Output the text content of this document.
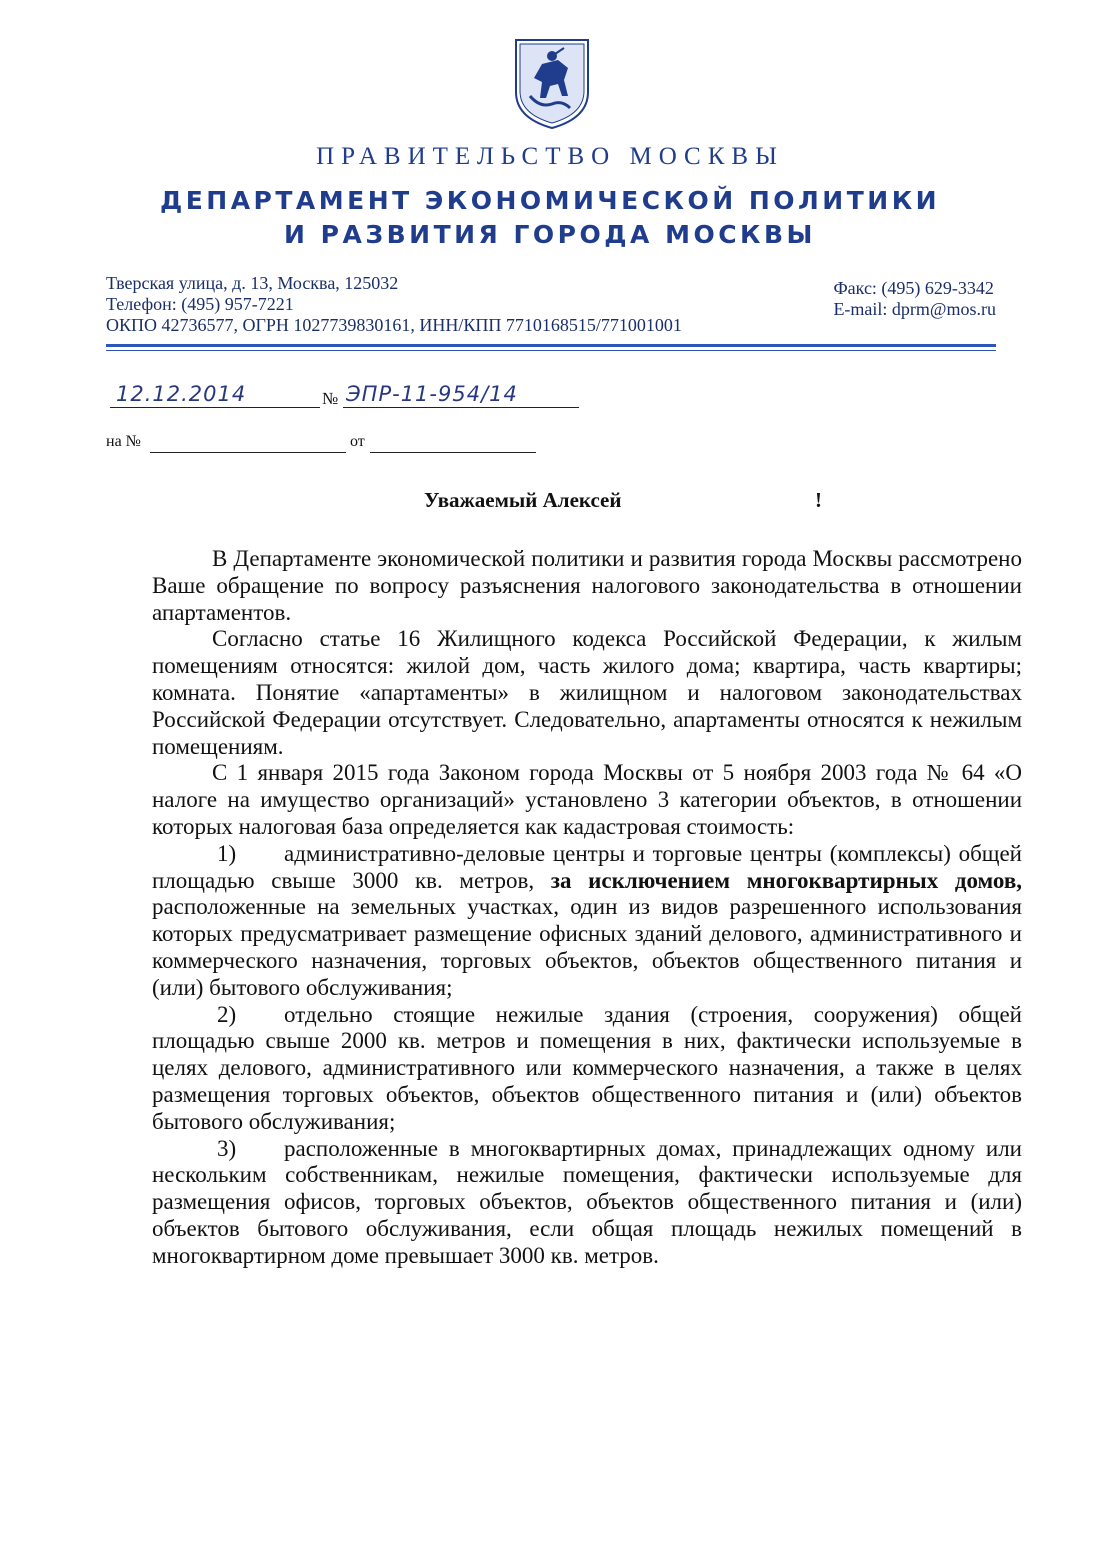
ПРАВИТЕЛЬСТВО МОСКВЫ
ДЕПАРТАМЕНТ ЭКОНОМИЧЕСКОЙ ПОЛИТИКИ
И РАЗВИТИЯ ГОРОДА МОСКВЫ
Тверская улица, д. 13, Москва, 125032
Телефон: (495) 957-7221
ОКПО 42736577, ОГРН 1027739830161, ИНН/КПП 7710168515/771001001
Факс: (495) 629-3342
E-mail: dprm@mos.ru
12.12.2014	№ ЭПР-11-954/14
на №	от
Уважаемый Алексей	!

В Департаменте экономической политики и развития города Москвы рассмотрено Ваше обращение по вопросу разъяснения налогового законодательства в отношении апартаментов.

Согласно статье 16 Жилищного кодекса Российской Федерации, к жилым помещениям относятся: жилой дом, часть жилого дома; квартира, часть квартиры; комната. Понятие «апартаменты» в жилищном и налоговом законодательствах Российской Федерации отсутствует. Следовательно, апартаменты относятся к нежилым помещениям.

С 1 января 2015 года Законом города Москвы от 5 ноября 2003 года № 64 «О налоге на имущество организаций» установлено 3 категории объектов, в отношении которых налоговая база определяется как кадастровая стоимость:

1) административно-деловые центры и торговые центры (комплексы) общей площадью свыше 3000 кв. метров, за исключением многоквартирных домов, расположенные на земельных участках, один из видов разрешенного использования которых предусматривает размещение офисных зданий делового, административного и коммерческого назначения, торговых объектов, объектов общественного питания и (или) бытового обслуживания;

2) отдельно стоящие нежилые здания (строения, сооружения) общей площадью свыше 2000 кв. метров и помещения в них, фактически используемые в целях делового, административного или коммерческого назначения, а также в целях размещения торговых объектов, объектов общественного питания и (или) объектов бытового обслуживания;

3) расположенные в многоквартирных домах, принадлежащих одному или нескольким собственникам, нежилые помещения, фактически используемые для размещения офисов, торговых объектов, объектов общественного питания и (или) объектов бытового обслуживания, если общая площадь нежилых помещений в многоквартирном доме превышает 3000 кв. метров.
